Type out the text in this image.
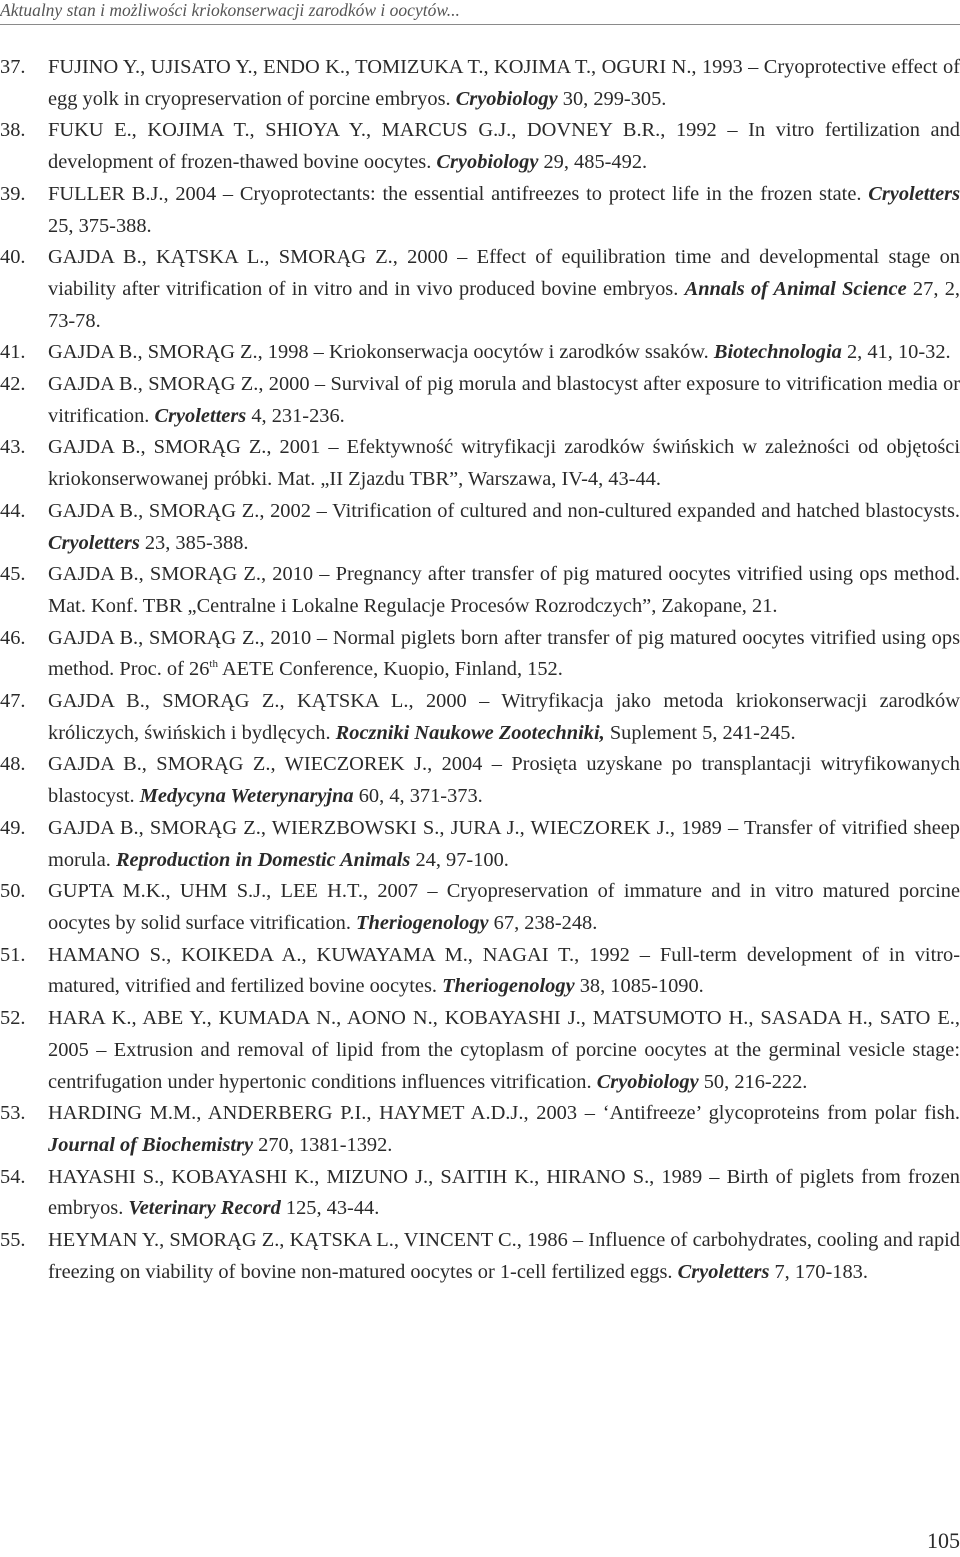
Aktualny stan i możliwości kriokonserwacji zarodków i oocytów...
37. FUJINO Y., UJISATO Y., ENDO K., TOMIZUKA T., KOJIMA T., OGURI N., 1993 – Cryoprotective effect of egg yolk in cryopreservation of porcine embryos. Cryobiology 30, 299-305.
38. FUKU E., KOJIMA T., SHIOYA Y., MARCUS G.J., DOVNEY B.R., 1992 – In vitro fertilization and development of frozen-thawed bovine oocytes. Cryobiology 29, 485-492.
39. FULLER B.J., 2004 – Cryoprotectants: the essential antifreezes to protect life in the frozen state. Cryoletters 25, 375-388.
40. GAJDA B., KĄTSKA L., SMORĄG Z., 2000 – Effect of equilibration time and developmental stage on viability after vitrification of in vitro and in vivo produced bovine embryos. Annals of Animal Science 27, 2, 73-78.
41. GAJDA B., SMORĄG Z., 1998 – Kriokonserwacja oocytów i zarodków ssaków. Biotechnologia 2, 41, 10-32.
42. GAJDA B., SMORĄG Z., 2000 – Survival of pig morula and blastocyst after exposure to vitrification media or vitrification. Cryoletters 4, 231-236.
43. GAJDA B., SMORĄG Z., 2001 – Efektywność witryfikacji zarodków świńskich w zależności od objętości kriokonserwowanej próbki. Mat. „II Zjazdu TBR”, Warszawa, IV-4, 43-44.
44. GAJDA B., SMORĄG Z., 2002 – Vitrification of cultured and non-cultured expanded and hatched blastocysts. Cryoletters 23, 385-388.
45. GAJDA B., SMORĄG Z., 2010 – Pregnancy after transfer of pig matured oocytes vitrified using ops method. Mat. Konf. TBR „Centralne i Lokalne Regulacje Procesów Rozrodczych”, Zakopane, 21.
46. GAJDA B., SMORĄG Z., 2010 – Normal piglets born after transfer of pig matured oocytes vitrified using ops method. Proc. of 26th AETE Conference, Kuopio, Finland, 152.
47. GAJDA B., SMORĄG Z., KĄTSKA L., 2000 – Witryfikacja jako metoda kriokonserwacji zarodków króliczych, świńskich i bydlęcych. Roczniki Naukowe Zootechniki, Suplement 5, 241-245.
48. GAJDA B., SMORĄG Z., WIECZOREK J., 2004 – Prosięta uzyskane po transplantacji witryfikowanych blastocyst. Medycyna Weterynaryjna 60, 4, 371-373.
49. GAJDA B., SMORĄG Z., WIERZBOWSKI S., JURA J., WIECZOREK J., 1989 – Transfer of vitrified sheep morula. Reproduction in Domestic Animals 24, 97-100.
50. GUPTA M.K., UHM S.J., LEE H.T., 2007 – Cryopreservation of immature and in vitro matured porcine oocytes by solid surface vitrification. Theriogenology 67, 238-248.
51. HAMANO S., KOIKEDA A., KUWAYAMA M., NAGAI T., 1992 – Full-term development of in vitro-matured, vitrified and fertilized bovine oocytes. Theriogenology 38, 1085-1090.
52. HARA K., ABE Y., KUMADA N., AONO N., KOBAYASHI J., MATSUMOTO H., SASADA H., SATO E., 2005 – Extrusion and removal of lipid from the cytoplasm of porcine oocytes at the germinal vesicle stage: centrifugation under hypertonic conditions influences vitrification. Cryobiology 50, 216-222.
53. HARDING M.M., ANDERBERG P.I., HAYMET A.D.J., 2003 – ‘Antifreeze’ glycoproteins from polar fish. Journal of Biochemistry 270, 1381-1392.
54. HAYASHI S., KOBAYASHI K., MIZUNO J., SAITIH K., HIRANO S., 1989 – Birth of piglets from frozen embryos. Veterinary Record 125, 43-44.
55. HEYMAN Y., SMORĄG Z., KĄTSKA L., VINCENT C., 1986 – Influence of carbohydrates, cooling and rapid freezing on viability of bovine non-matured oocytes or 1-cell fertilized eggs. Cryoletters 7, 170-183.
105
